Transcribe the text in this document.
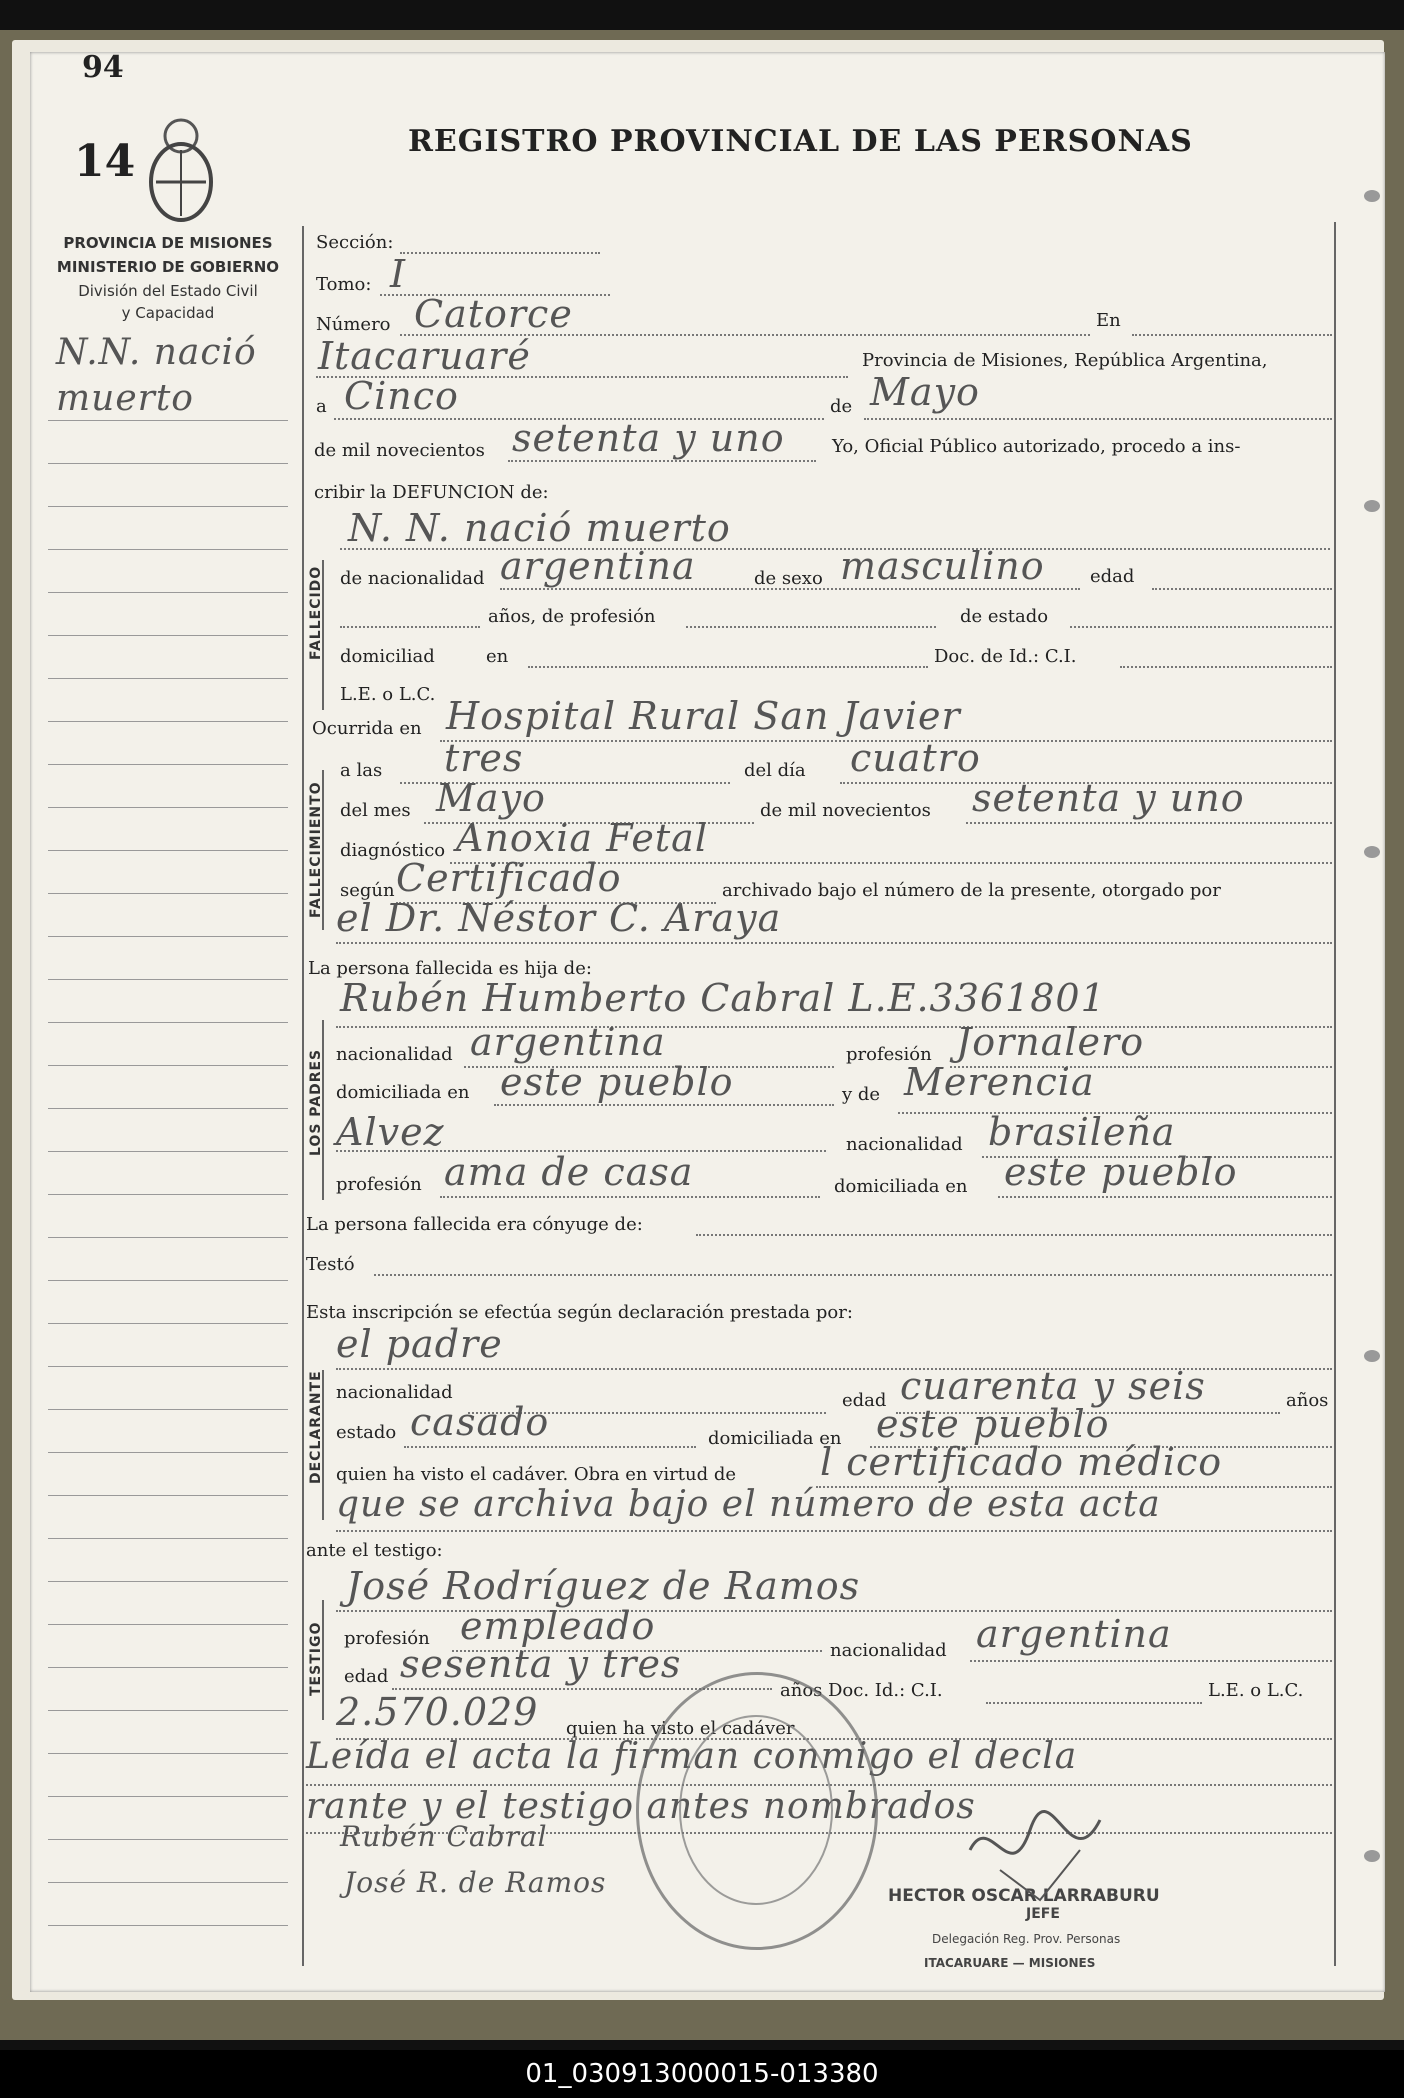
94
14	REGISTRO PROVINCIAL DE LAS PERSONAS
PROVINCIA DE MISIONES
MINISTERIO DE GOBIERNO
División del Estado Civil
y Capacidad
N.N. nació
muerto
FALLECIDO
FALLECIMIENTO
LOS PADRES
DECLARANTE
TESTIGO
Sección:
Tomo: I
Número Catorce	En
Itacaruaré	Provincia de Misiones, República Argentina,
a Cinco	de Mayo
de mil novecientos setenta y uno	Yo, Oficial Público autorizado, procedo a ins-
cribir la DEFUNCION de:
N. N. nació muerto
de nacionalidad argentina	de sexo masculino	edad
años, de profesión	de estado
domiciliad	en	Doc. de Id.: C.I.
L.E. o L.C.
Ocurrida en Hospital Rural San Javier
a las tres	del día cuatro
del mes Mayo	de mil novecientos setenta y uno
diagnóstico Anoxia Fetal
según Certificado	archivado bajo el número de la presente, otorgado por
el Dr. Néstor C. Araya
La persona fallecida es hija de:
Rubén Humberto Cabral L.E.3361801
nacionalidad argentina	profesión Jornalero
domiciliada en este pueblo	y de Merencia
Alvez	nacionalidad brasileña
profesión ama de casa	domiciliada en este pueblo
La persona fallecida era cónyuge de:
Testó
Esta inscripción se efectúa según declaración prestada por:
el padre
nacionalidad	edad cuarenta y seis	años
estado casado	domiciliada en este pueblo
quien ha visto el cadáver. Obra en virtud de l certificado médico
que se archiva bajo el número de esta acta
ante el testigo:
José Rodríguez de Ramos
profesión empleado
nacionalidad argentina
edad sesenta y tres
años Doc. Id.: C.I.	L.E. o L.C.
2.570.029 quien ha visto el cadáver
Leída el acta la firman conmigo el decla
rante y el testigo antes nombrados
Rubén Cabral
José R. de Ramos	HECTOR OSCAR LARRABURU
JEFE
Delegación Reg. Prov. Personas
ITACARUARE — MISIONES
01_030913000015-013380
